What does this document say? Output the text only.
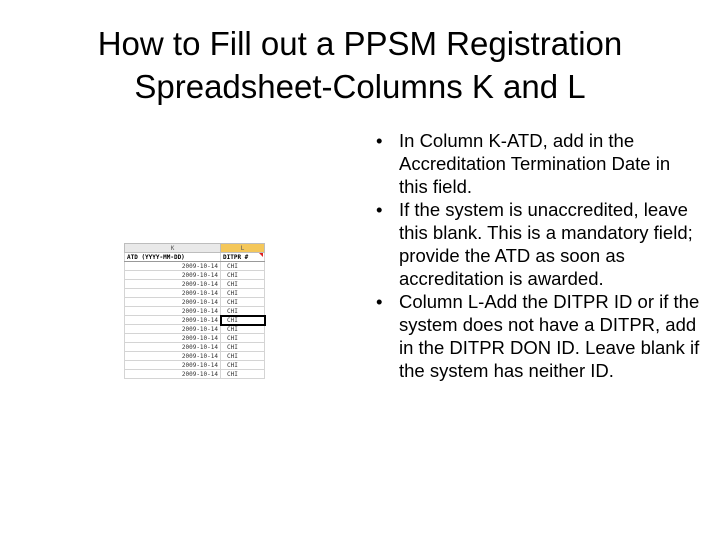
How to Fill out a PPSM Registration
Spreadsheet-Columns K and L
K	L
ATD (YYYY-MM-DD)	DITPR #

2009-10-14	CHI
2009-10-14	CHI
2009-10-14	CHI
2009-10-14	CHI
2009-10-14	CHI
2009-10-14	CHI
2009-10-14	CHI
2009-10-14	CHI
2009-10-14	CHI
2009-10-14	CHI
2009-10-14	CHI
2009-10-14	CHI
2009-10-14	CHI
• In Column K-ATD, add in the Accreditation Termination Date in this field.
• If the system is unaccredited, leave this blank. This is a mandatory field; provide the ATD as soon as accreditation is awarded.
• Column L-Add the DITPR ID or if the system does not have a DITPR, add in the DITPR DON ID. Leave blank if the system has neither ID.
